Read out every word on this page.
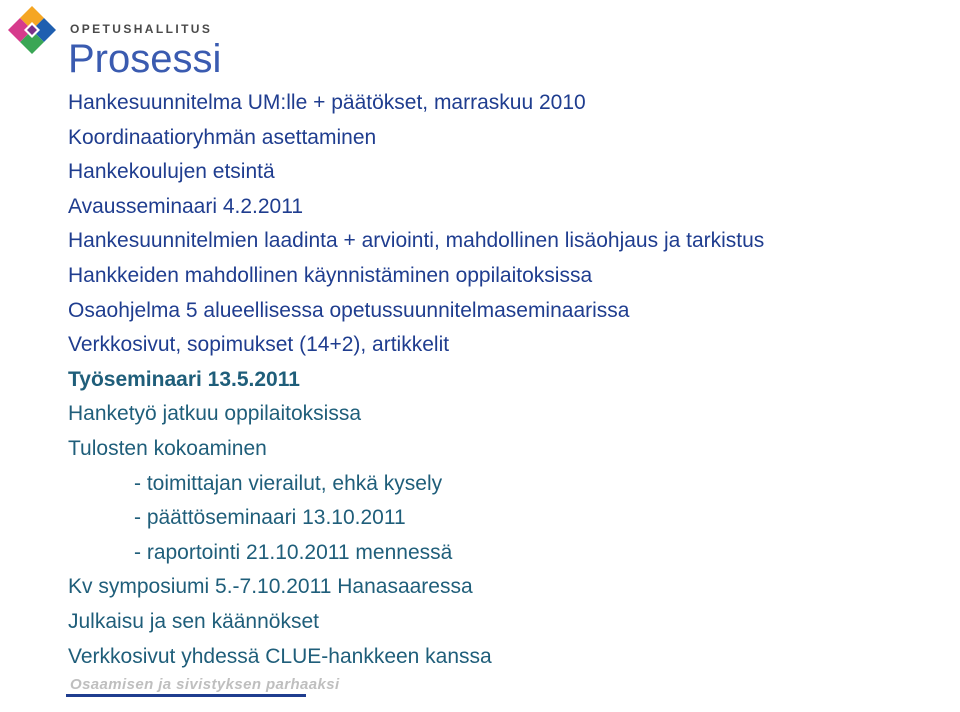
OPETUSHALLITUS
Prosessi
Hankesuunnitelma UM:lle + päätökset, marraskuu 2010
Koordinaatioryhmän asettaminen
Hankekoulujen etsintä
Avausseminaari 4.2.2011
Hankesuunnitelmien laadinta + arviointi, mahdollinen lisäohjaus ja tarkistus
Hankkeiden mahdollinen käynnistäminen oppilaitoksissa
Osaohjelma 5 alueellisessa opetussuunnitelmaseminaarissa
Verkkosivut, sopimukset (14+2), artikkelit
Työseminaari 13.5.2011
Hanketyö jatkuu oppilaitoksissa
Tulosten kokoaminen
- toimittajan vierailut, ehkä kysely
- päättöseminaari 13.10.2011
- raportointi 21.10.2011 mennessä
Kv symposiumi 5.-7.10.2011 Hanasaaressa
Julkaisu ja sen käännökset
Verkkosivut yhdessä CLUE-hankkeen kanssa
Osaamisen ja sivistyksen parhaaksi
